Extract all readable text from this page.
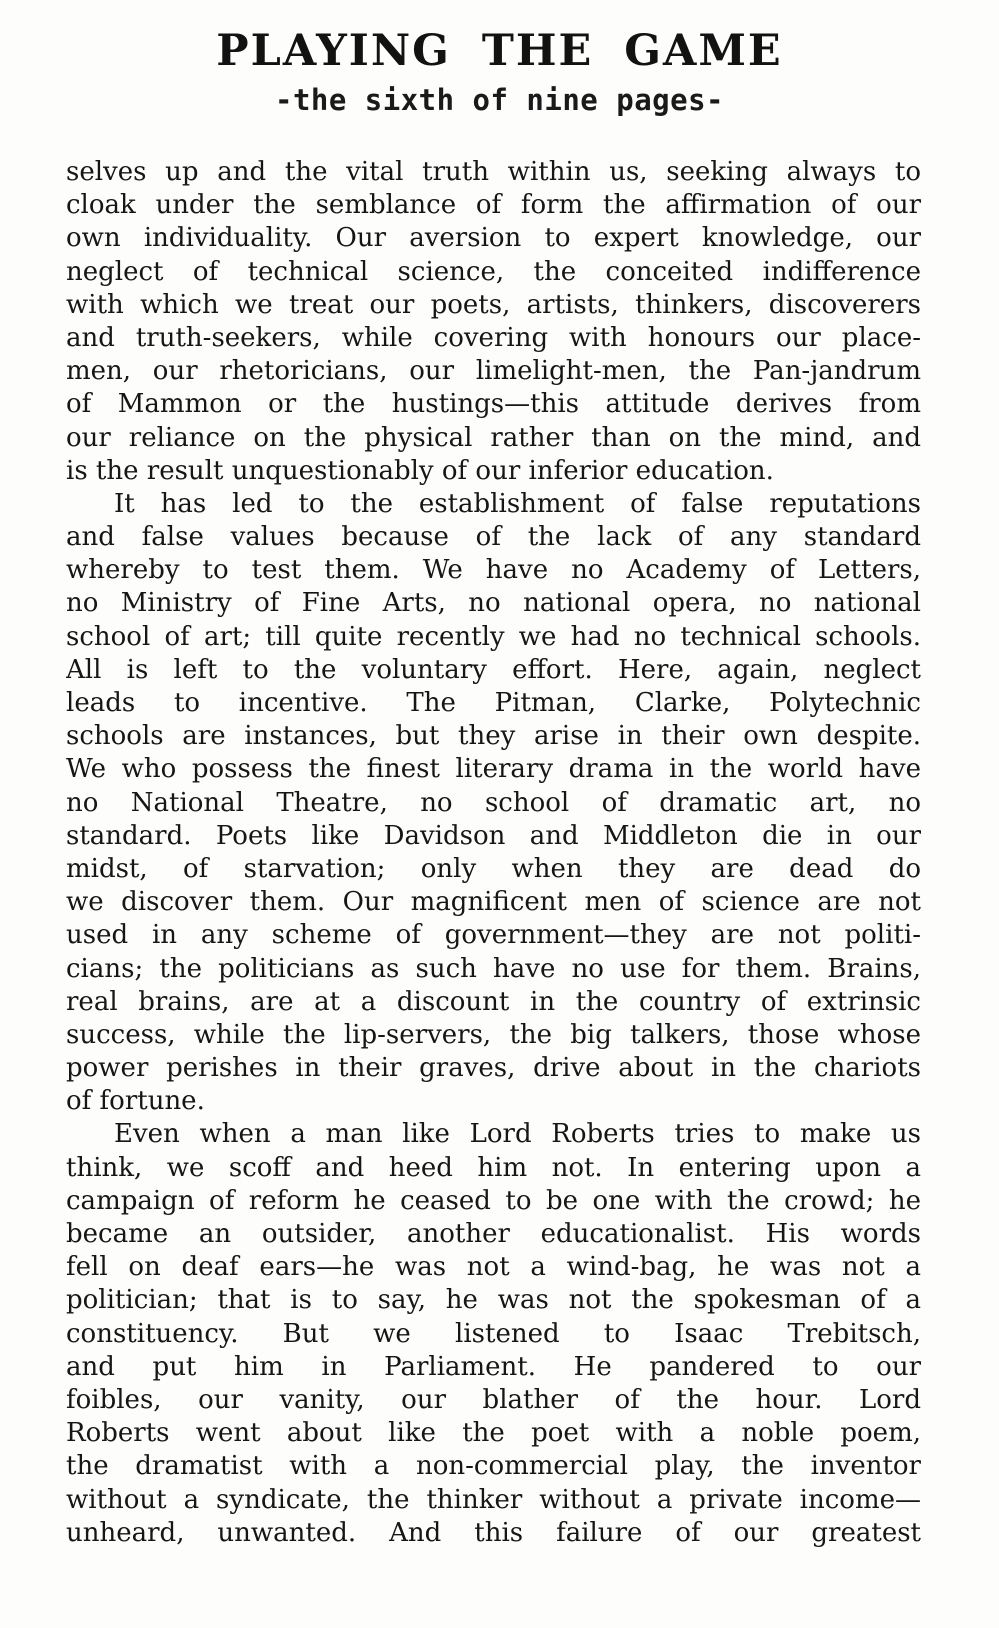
PLAYING THE GAME
-the sixth of nine pages-
selves up and the vital truth within us, seeking always to
cloak under the semblance of form the affirmation of our
own individuality. Our aversion to expert knowledge, our
neglect of technical science, the conceited indifference
with which we treat our poets, artists, thinkers, discoverers
and truth-seekers, while covering with honours our place-
men, our rhetoricians, our limelight-men, the Pan-jandrum
of Mammon or the hustings—this attitude derives from
our reliance on the physical rather than on the mind, and
is the result unquestionably of our inferior education.
It has led to the establishment of false reputations
and false values because of the lack of any standard
whereby to test them. We have no Academy of Letters,
no Ministry of Fine Arts, no national opera, no national
school of art; till quite recently we had no technical schools.
All is left to the voluntary effort. Here, again, neglect
leads to incentive. The Pitman, Clarke, Polytechnic
schools are instances, but they arise in their own despite.
We who possess the finest literary drama in the world have
no National Theatre, no school of dramatic art, no
standard. Poets like Davidson and Middleton die in our
midst, of starvation; only when they are dead do
we discover them. Our magnificent men of science are not
used in any scheme of government—they are not politi-
cians; the politicians as such have no use for them. Brains,
real brains, are at a discount in the country of extrinsic
success, while the lip-servers, the big talkers, those whose
power perishes in their graves, drive about in the chariots
of fortune.
Even when a man like Lord Roberts tries to make us
think, we scoff and heed him not. In entering upon a
campaign of reform he ceased to be one with the crowd; he
became an outsider, another educationalist. His words
fell on deaf ears—he was not a wind-bag, he was not a
politician; that is to say, he was not the spokesman of a
constituency. But we listened to Isaac Trebitsch,
and put him in Parliament. He pandered to our
foibles, our vanity, our blather of the hour. Lord
Roberts went about like the poet with a noble poem,
the dramatist with a non-commercial play, the inventor
without a syndicate, the thinker without a private income—
unheard, unwanted. And this failure of our greatest
